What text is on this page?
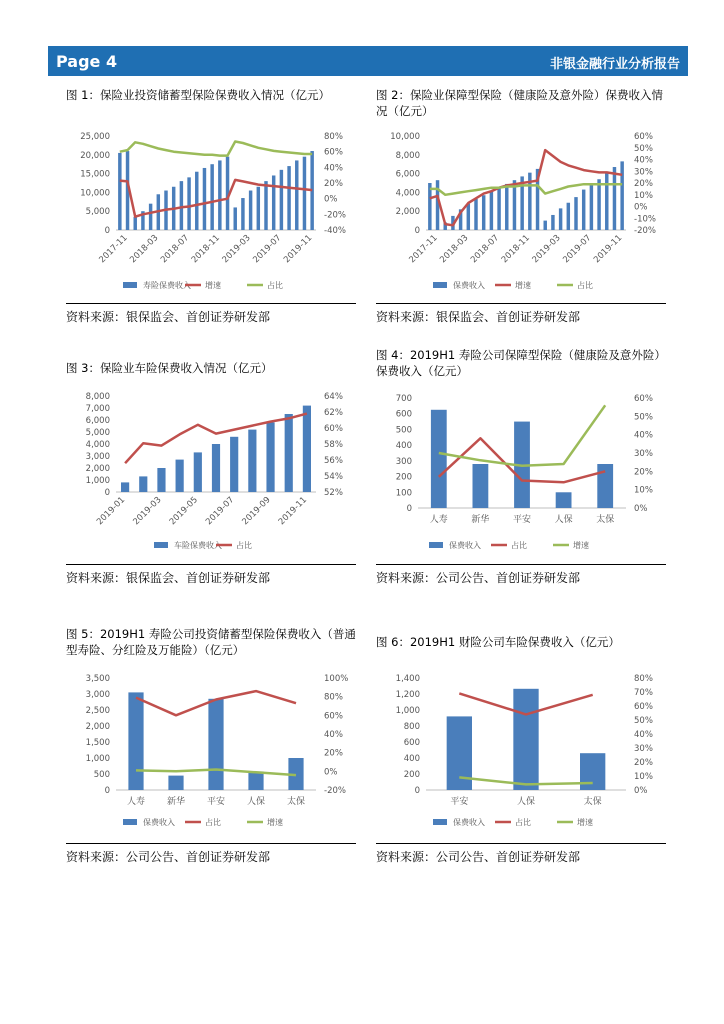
Page 4	非银金融行业分析报告
图 1：保险业投资储蓄型保险保费收入情况（亿元）	图 2：保险业保障型保险（健康险及意外险）保费收入情况（亿元）
图 3：保险业车险保费收入情况（亿元）
图 4：2019H1 寿险公司保障型保险（健康险及意外险）保费收入（亿元）
图 5：2019H1 寿险公司投资储蓄型保险保费收入（普通型寿险、分红险及万能险）（亿元）
图 6：2019H1 财险公司车险保费收入（亿元）
0
5,000
10,000
15,000
20,000
25,000
-40%
-20%
0%
20%
40%
60%
80%
2017-11
2018-03
2018-07
2018-11
2019-03
2019-07
2019-11
寿险保费收入 增速	占比
0
2,000
4,000
6,000
8,000
10,000
-20%
-10%
0%
10%
20%
30%
40%
50%
60%
2017-11
2018-03
2018-07
2018-11
2019-03
2019-07
2019-11
保费收入	增速	占比
0
1,000
2,000
3,000
4,000
5,000
6,000
7,000
8,000
52%
54%
56%
58%
60%
62%
64%
2019-01 2019-03 2019-05 2019-07 2019-09 2019-11
车险保费收入 占比
0
100
200
300
400
500
600
700
0%
10%
20%
30%
40%
50%
60%
人寿	新华	平安	人保	太保
保费收入	占比	增速
0
500
1,000
1,500
2,000
2,500
3,000
3,500
-20%
0%
20%
40%
60%
80%
100%
人寿 新华 平安 人保 太保
保费收入	占比	增速
0
200
400
600
800
1,000
1,200
1,400
0%
10%
20%
30%
40%
50%
60%
70%
80%
平安	人保	太保
保费收入	占比	增速
资料来源：银保监会、首创证券研发部	资料来源：银保监会、首创证券研发部
资料来源：银保监会、首创证券研发部	资料来源：公司公告、首创证券研发部
资料来源：公司公告、首创证券研发部	资料来源：公司公告、首创证券研发部
